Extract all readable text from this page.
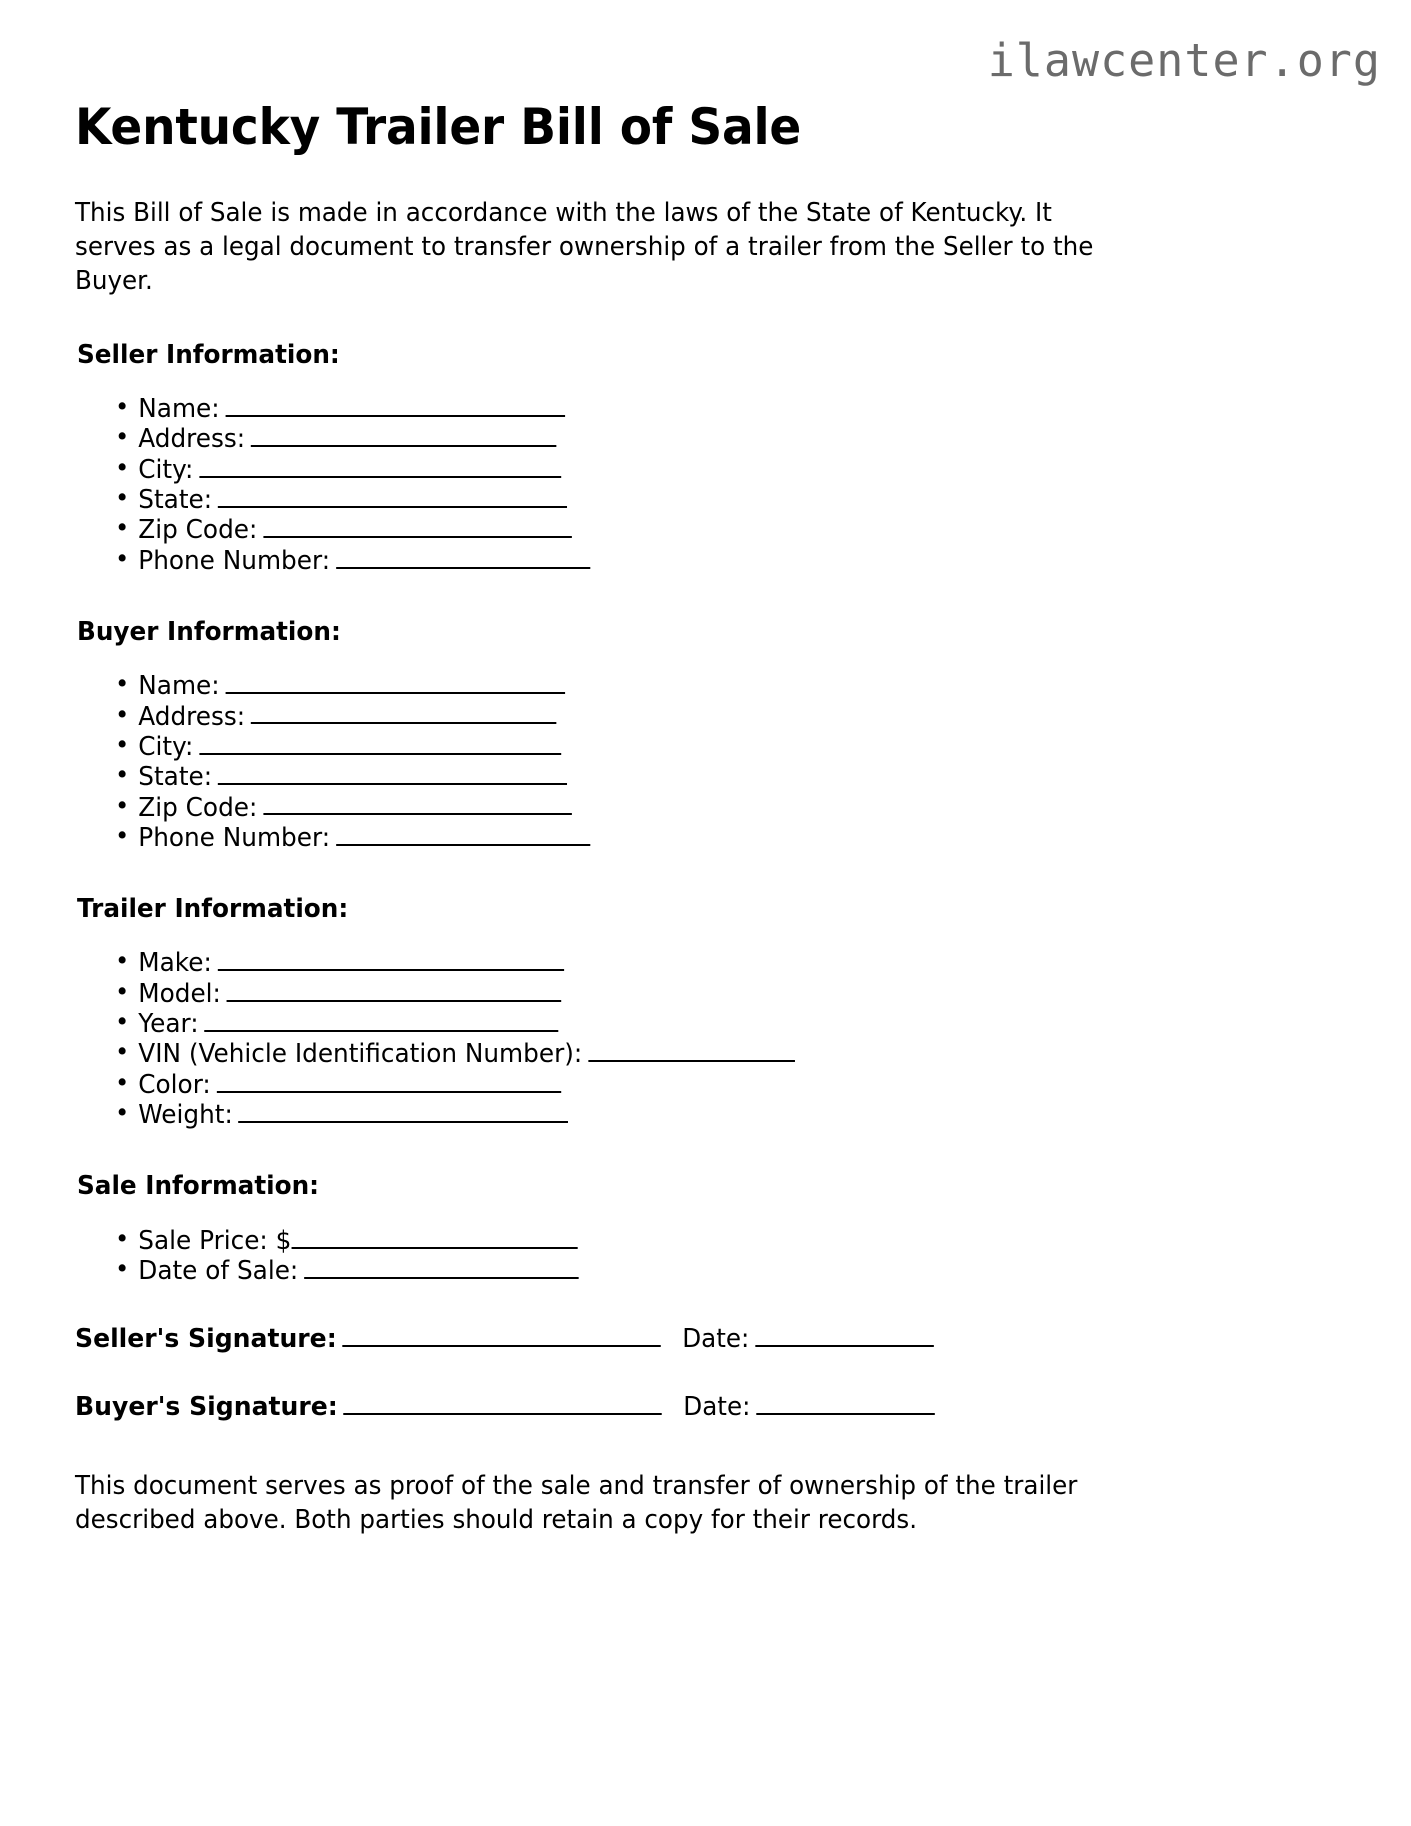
ilawcenter.org
Kentucky Trailer Bill of Sale

This Bill of Sale is made in accordance with the laws of the State of Kentucky. It serves as a legal document to transfer ownership of a trailer from the Seller to the Buyer.

Seller Information:
• Name:
• Address:
• City:
• State:
• Zip Code:
• Phone Number:
Buyer Information:
• Name:
• Address:
• City:
• State:
• Zip Code:
• Phone Number:
Trailer Information:
• Make:
• Model:
• Year:
• VIN (Vehicle Identification Number):
• Color:
• Weight:
Sale Information:
• Sale Price: $
• Date of Sale:
Seller's Signature:	Date:
Buyer's Signature:	Date:

This document serves as proof of the sale and transfer of ownership of the trailer described above. Both parties should retain a copy for their records.
